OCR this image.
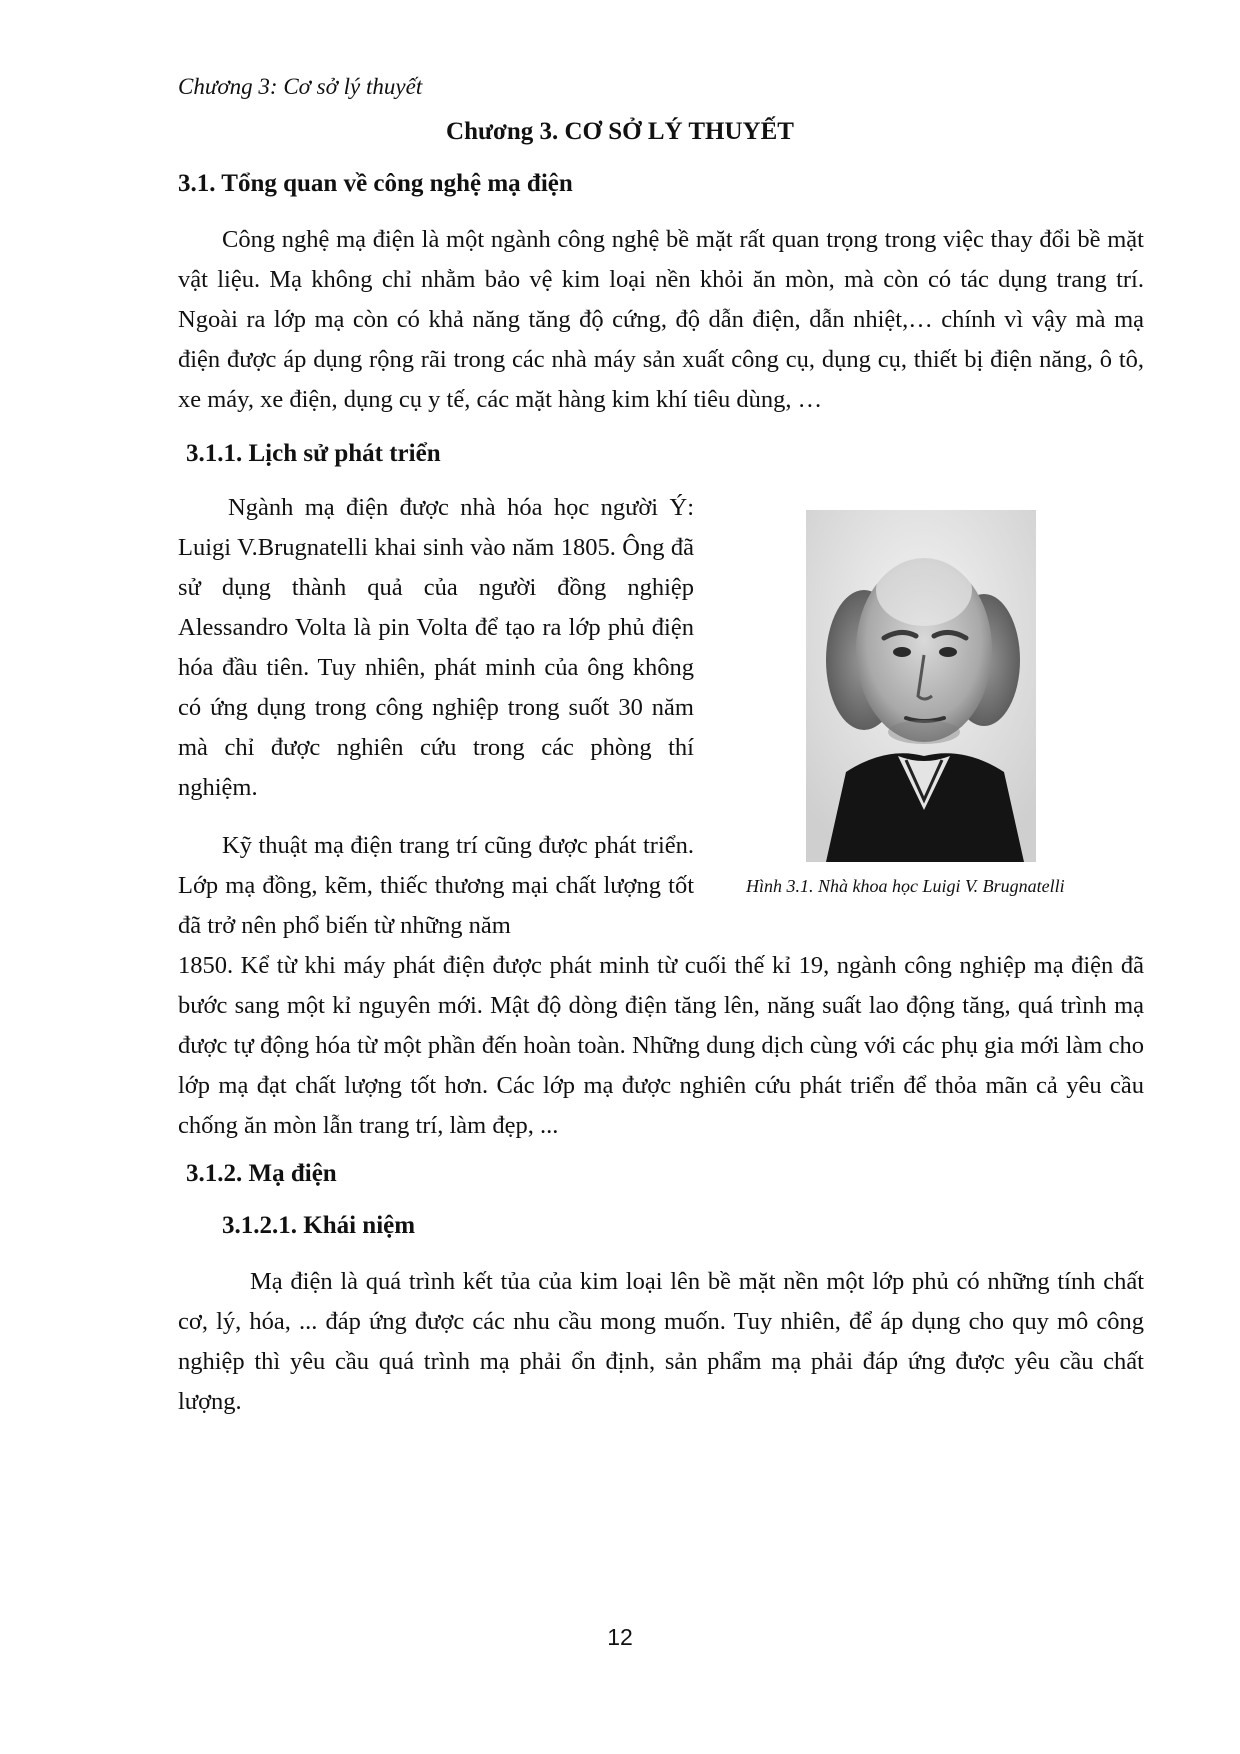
Chương 3: Cơ sở lý thuyết
Chương 3. CƠ SỞ LÝ THUYẾT
3.1. Tổng quan về công nghệ mạ điện

Công nghệ mạ điện là một ngành công nghệ bề mặt rất quan trọng trong việc thay đổi bề mặt vật liệu. Mạ không chỉ nhằm bảo vệ kim loại nền khỏi ăn mòn, mà còn có tác dụng trang trí. Ngoài ra lớp mạ còn có khả năng tăng độ cứng, độ dẫn điện, dẫn nhiệt,… chính vì vậy mà mạ điện được áp dụng rộng rãi trong các nhà máy sản xuất công cụ, dụng cụ, thiết bị điện năng, ô tô, xe máy, xe điện, dụng cụ y tế, các mặt hàng kim khí tiêu dùng, …

3.1.1. Lịch sử phát triển

Ngành mạ điện được nhà hóa học người Ý: Luigi V.Brugnatelli khai sinh vào năm 1805. Ông đã sử dụng thành quả của người đồng nghiệp Alessandro Volta là pin Volta để tạo ra lớp phủ điện hóa đầu tiên. Tuy nhiên, phát minh của ông không có ứng dụng trong công nghiệp trong suốt 30 năm mà chỉ được nghiên cứu trong các phòng thí nghiệm.

Kỹ thuật mạ điện trang trí cũng được phát triển. Lớp mạ đồng, kẽm, thiếc thương mại chất lượng tốt đã trở nên phổ biến từ những năm

1850. Kể từ khi máy phát điện được phát minh từ cuối thế kỉ 19, ngành công nghiệp mạ điện đã bước sang một kỉ nguyên mới. Mật độ dòng điện tăng lên, năng suất lao động tăng, quá trình mạ được tự động hóa từ một phần đến hoàn toàn. Những dung dịch cùng với các phụ gia mới làm cho lớp mạ đạt chất lượng tốt hơn. Các lớp mạ được nghiên cứu phát triển để thỏa mãn cả yêu cầu chống ăn mòn lẫn trang trí, làm đẹp, ...

Hình 3.1. Nhà khoa học Luigi V. Brugnatelli
3.1.2. Mạ điện
3.1.2.1. Khái niệm

Mạ điện là quá trình kết tủa của kim loại lên bề mặt nền một lớp phủ có những tính chất cơ, lý, hóa, ... đáp ứng được các nhu cầu mong muốn. Tuy nhiên, để áp dụng cho quy mô công nghiệp thì yêu cầu quá trình mạ phải ổn định, sản phẩm mạ phải đáp ứng được yêu cầu chất lượng.

12
